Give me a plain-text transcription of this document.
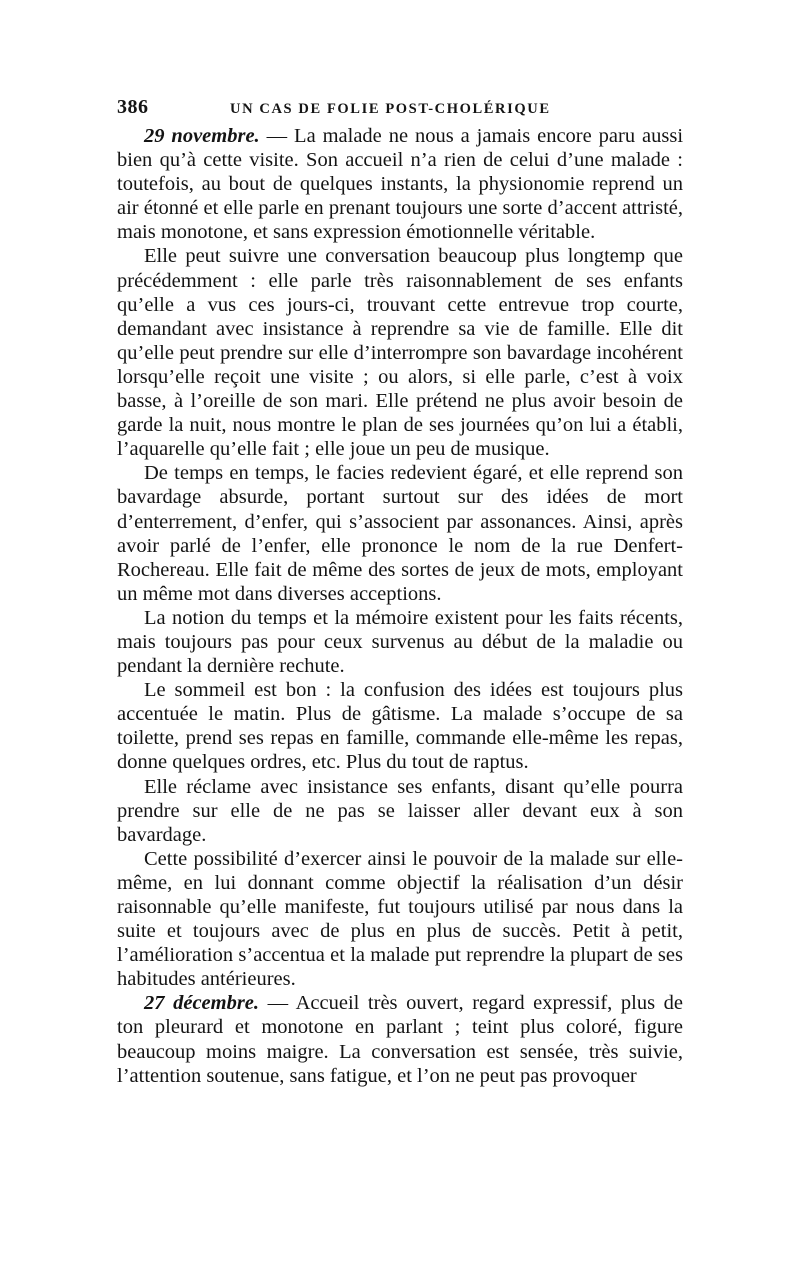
386	UN CAS DE FOLIE POST-CHOLÉRIQUE

29 novembre. — La malade ne nous a jamais encore paru aussi bien qu’à cette visite. Son accueil n’a rien de celui d’une malade : toutefois, au bout de quelques instants, la physionomie reprend un air étonné et elle parle en prenant toujours une sorte d’accent attristé, mais monotone, et sans expression émotionnelle véritable.

Elle peut suivre une conversation beaucoup plus longtemp que précédemment : elle parle très raisonnablement de ses enfants qu’elle a vus ces jours-ci, trouvant cette entrevue trop courte, demandant avec insistance à reprendre sa vie de famille. Elle dit qu’elle peut prendre sur elle d’interrompre son bavardage incohérent lorsqu’elle reçoit une visite ; ou alors, si elle parle, c’est à voix basse, à l’oreille de son mari. Elle prétend ne plus avoir besoin de garde la nuit, nous montre le plan de ses journées qu’on lui a établi, l’aquarelle qu’elle fait ; elle joue un peu de musique.

De temps en temps, le facies redevient égaré, et elle reprend son bavardage absurde, portant surtout sur des idées de mort d’enterrement, d’enfer, qui s’associent par assonances. Ainsi, après avoir parlé de l’enfer, elle prononce le nom de la rue Denfert-Rochereau. Elle fait de même des sortes de jeux de mots, employant un même mot dans diverses acceptions.

La notion du temps et la mémoire existent pour les faits récents, mais toujours pas pour ceux survenus au début de la maladie ou pendant la dernière rechute.

Le sommeil est bon : la confusion des idées est toujours plus accentuée le matin. Plus de gâtisme. La malade s’occupe de sa toilette, prend ses repas en famille, commande elle-même les repas, donne quelques ordres, etc. Plus du tout de raptus.

Elle réclame avec insistance ses enfants, disant qu’elle pourra prendre sur elle de ne pas se laisser aller devant eux à son bavardage.

Cette possibilité d’exercer ainsi le pouvoir de la malade sur elle-même, en lui donnant comme objectif la réalisation d’un désir raisonnable qu’elle manifeste, fut toujours utilisé par nous dans la suite et toujours avec de plus en plus de succès. Petit à petit, l’amélioration s’accentua et la malade put reprendre la plupart de ses habitudes antérieures.

27 décembre. — Accueil très ouvert, regard expressif, plus de ton pleurard et monotone en parlant ; teint plus coloré, figure beaucoup moins maigre. La conversation est sensée, très suivie, l’attention soutenue, sans fatigue, et l’on ne peut pas provoquer
